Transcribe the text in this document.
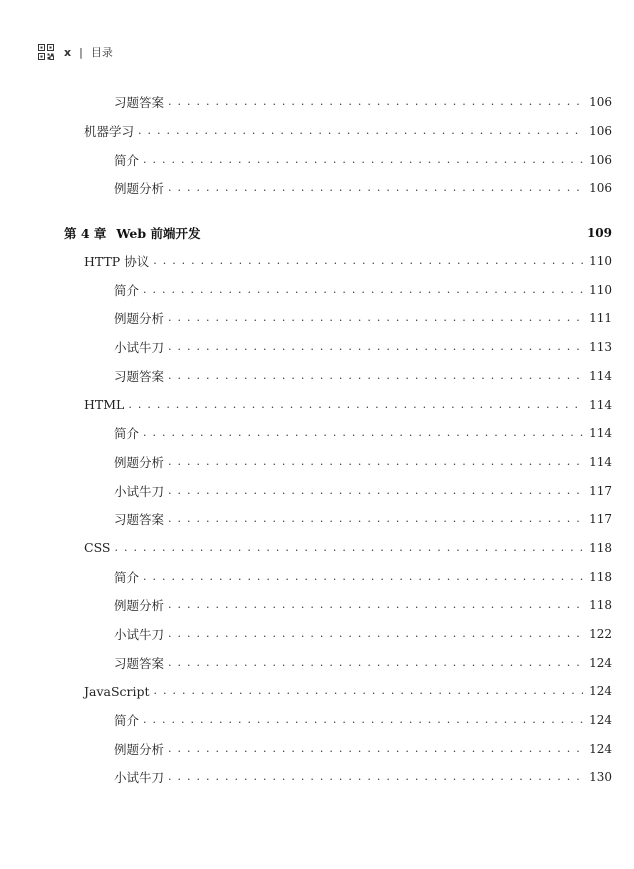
x | 目录
习题答案 . . .	106
机器学习 . . .	106
简介 . . .	106
例题分析 . . .	106
第 4 章 Web 前端开发	109
HTTP 协议 . . .	110
简介 . . .	110
例题分析 . . .	111
小试牛刀 . . .	113
习题答案 . . .	114
HTML . . .	114
简介 . . .	114
例题分析 . . .	114
小试牛刀 . . .	117
习题答案 . . .	117
CSS . . .	118
简介 . . .	118
例题分析 . . .	118
小试牛刀 . . .	122
习题答案 . . .	124
JavaScript . . .	124
简介 . . .	124
例题分析 . . .	124
小试牛刀 . . .	130
